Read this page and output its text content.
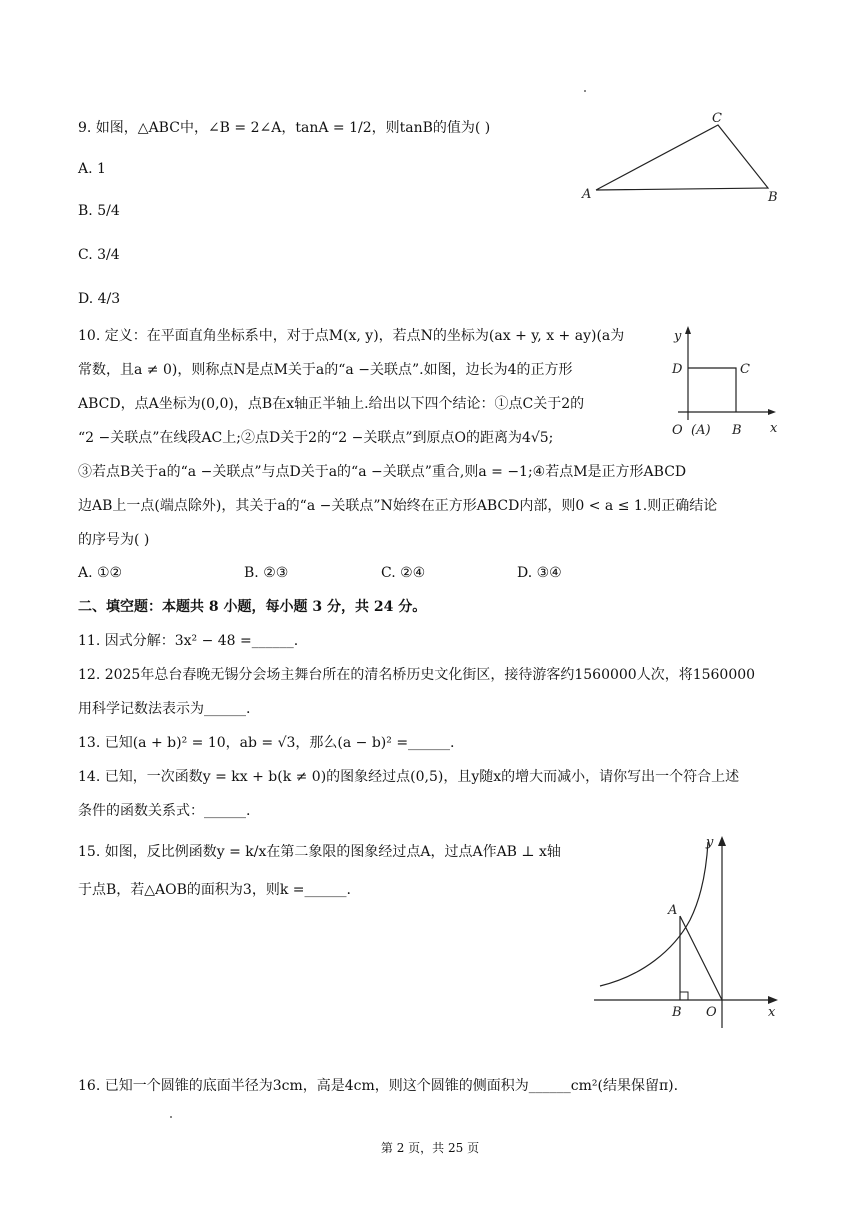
9. 如图，△ABC中，∠B = 2∠A，tanA = 1/2，则tanB的值为( )
A. 1
B. 5/4
C. 3/4
D. 4/3
A	B
C
10. 定义：在平面直角坐标系中，对于点M(x, y)，若点N的坐标为(ax + y, x + ay)(a为
常数，且a ≠ 0)，则称点N是点M关于a的“a −关联点”.如图，边长为4的正方形
ABCD，点A坐标为(0,0)，点B在x轴正半轴上.给出以下四个结论：①点C关于2的
“2 −关联点”在线段AC上;②点D关于2的“2 −关联点”到原点O的距离为4√5;
③若点B关于a的“a −关联点”与点D关于a的“a −关联点”重合,则a = −1;④若点M是正方形ABCD
边AB上一点(端点除外)，其关于a的“a −关联点”N始终在正方形ABCD内部，则0 < a ≤ 1.则正确结论
的序号为( )
A. ①②	B. ②③	C. ②④	D. ③④
y
x
D	C
O (A) B
二、填空题：本题共 8 小题，每小题 3 分，共 24 分。
11. 因式分解：3x² − 48 =______.
12. 2025年总台春晚无锡分会场主舞台所在的清名桥历史文化街区，接待游客约1560000人次，将1560000
用科学记数法表示为______.
13. 已知(a + b)² = 10，ab = √3，那么(a − b)² =______.
14. 已知，一次函数y = kx + b(k ≠ 0)的图象经过点(0,5)，且y随x的增大而减小，请你写出一个符合上述
条件的函数关系式：______.
15. 如图，反比例函数y = k/x在第二象限的图象经过点A，过点A作AB ⊥ x轴
于点B，若△AOB的面积为3，则k =______.
y
x
A
B O
16. 已知一个圆锥的底面半径为3cm，高是4cm，则这个圆锥的侧面积为______cm²(结果保留π).
第 2 页，共 25 页
